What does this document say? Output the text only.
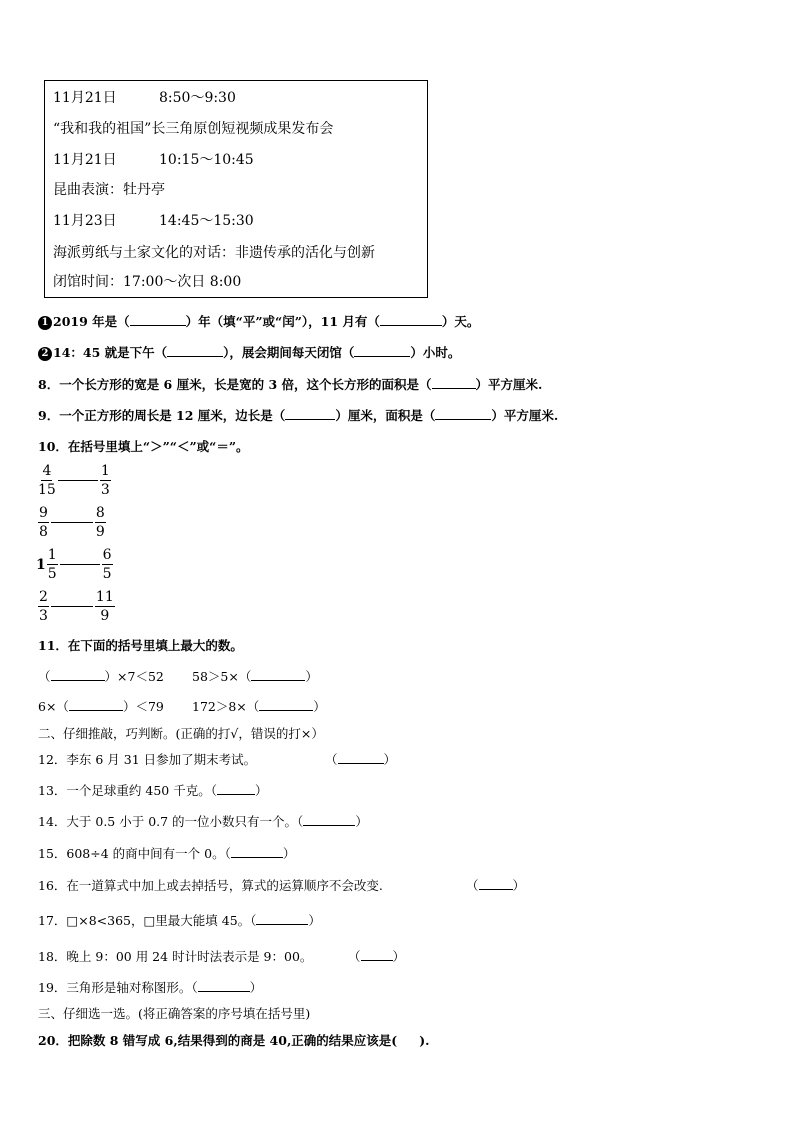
11月21日	8:50～9:30
“我和我的祖国”长三角原创短视频成果发布会
11月21日	10:15～10:45
昆曲表演：牡丹亭
11月23日	14:45～15:30
海派剪纸与土家文化的对话：非遗传承的活化与创新
闭馆时间：17:00～次日 8:00
1 2019 年是（	）年（填“平”或“闰”），11 月有（	）天。
2 14：45 就是下午（	），展会期间每天闭馆（	）小时。
8．一个长方形的宽是 6 厘米，长是宽的 3 倍，这个长方形的面积是（	）平方厘米.
9．一个正方形的周长是 12 厘米，边长是（	）厘米，面积是（	）平方厘米.
10．在括号里填上“＞”“＜”或“＝”。
$\frac{4}{15}$	$\frac{1}{3}$
$\frac{9}{8}$	$\frac{8}{9}$
$1 \frac{1}{5}$	$\frac{6}{5}$
$\frac{2}{3}$	$\frac{11}{9}$
11．在下面的括号里填上最大的数。
（	）×7＜52 58＞5×（	）
6×（	）＜79 172＞8×（	）
二、仔细推敲，巧判断。(正确的打√，错误的打×）
12．李东 6 月 31 日参加了期末考试。	（	）
13．一个足球重约 450 千克。（	）
14．大于 0.5 小于 0.7 的一位小数只有一个。（	）
15．608÷4 的商中间有一个 0。（	）
16．在一道算式中加上或去掉括号，算式的运算顺序不会改变.	（	）
17．□×8<365，□里最大能填 45。（	）
18．晚上 9：00 用 24 时计时法表示是 9：00。	（	）
19．三角形是轴对称图形。（	）
三、仔细选一选。(将正确答案的序号填在括号里)
20．把除数 8 错写成 6,结果得到的商是 40,正确的结果应该是( ).
